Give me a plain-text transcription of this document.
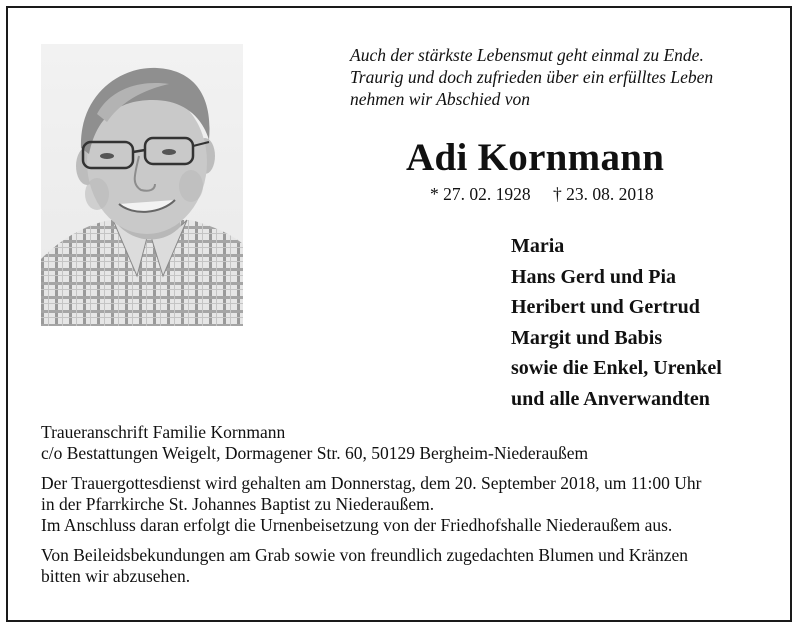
Auch der stärkste Lebensmut geht einmal zu Ende.
Traurig und doch zufrieden über ein erfülltes Leben
nehmen wir Abschied von
Adi Kornmann
* 27. 02. 1928 † 23. 08. 2018
Maria
Hans Gerd und Pia
Heribert und Gertrud
Margit und Babis
sowie die Enkel, Urenkel
und alle Anverwandten
Traueranschrift Familie Kornmann
c/o Bestattungen Weigelt, Dormagener Str. 60, 50129 Bergheim-Niederaußem
Der Trauergottesdienst wird gehalten am Donnerstag, dem 20. September 2018, um 11:00 Uhr
in der Pfarrkirche St. Johannes Baptist zu Niederaußem.
Im Anschluss daran erfolgt die Urnenbeisetzung von der Friedhofshalle Niederaußem aus.
Von Beileidsbekundungen am Grab sowie von freundlich zugedachten Blumen und Kränzen
bitten wir abzusehen.
